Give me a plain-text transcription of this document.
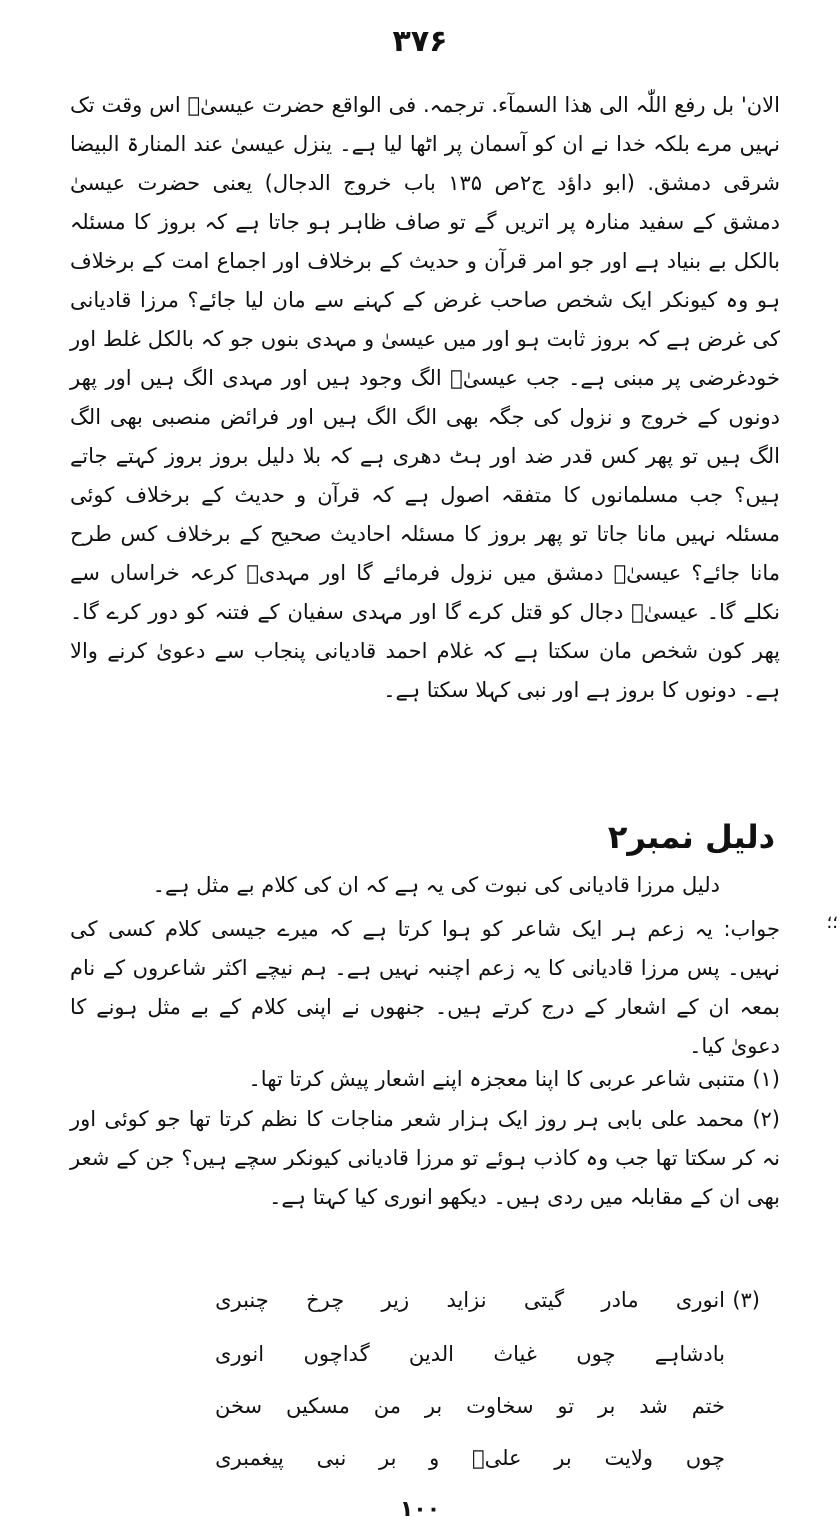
۳۷۶
الان' بل رفع اللّٰہ الی ھذا السمآء. ترجمہ. فی الواقع حضرت عیسیٰؑ اس وقت تک نہیں مرے بلکہ خدا نے ان کو آسمان پر اٹھا لیا ہے۔ ینزل عیسیٰ عند المنارۃ البیضا شرقی دمشق. (ابو داؤد ج۲ص ۱۳۵ باب خروج الدجال) یعنی حضرت عیسیٰ دمشق کے سفید منارہ پر اتریں گے تو صاف ظاہر ہو جاتا ہے کہ بروز کا مسئلہ بالکل بے بنیاد ہے اور جو امر قرآن و حدیث کے برخلاف اور اجماع امت کے برخلاف ہو وہ کیونکر ایک شخص صاحب غرض کے کہنے سے مان لیا جائے؟ مرزا قادیانی کی غرض ہے کہ بروز ثابت ہو اور میں عیسیٰ و مہدی بنوں جو کہ بالکل غلط اور خودغرضی پر مبنی ہے۔ جب عیسیٰؑ الگ وجود ہیں اور مہدی الگ ہیں اور پھر دونوں کے خروج و نزول کی جگہ بھی الگ الگ ہیں اور فرائض منصبی بھی الگ الگ ہیں تو پھر کس قدر ضد اور ہٹ دھری ہے کہ بلا دلیل بروز بروز کہتے جاتے ہیں؟ جب مسلمانوں کا متفقہ اصول ہے کہ قرآن و حدیث کے برخلاف کوئی مسئلہ نہیں مانا جاتا تو پھر بروز کا مسئلہ احادیث صحیح کے برخلاف کس طرح مانا جائے؟ عیسیٰؑ دمشق میں نزول فرمائے گا اور مہدیؑ کرعہ خراساں سے نکلے گا۔ عیسیٰؑ دجال کو قتل کرے گا اور مہدی سفیان کے فتنہ کو دور کرے گا۔ پھر کون شخص مان سکتا ہے کہ غلام احمد قادیانی پنجاب سے دعویٰ کرنے والا ہے۔ دونوں کا بروز ہے اور نبی کہلا سکتا ہے۔
دلیل نمبر۲
دلیل مرزا قادیانی کی نبوت کی یہ ہے کہ ان کی کلام بے مثل ہے۔
جواب: یہ زعم ہر ایک شاعر کو ہوا کرتا ہے کہ میرے جیسی کلام کسی کی نہیں۔ پس مرزا قادیانی کا یہ زعم اچنبہ نہیں ہے۔ ہم نیچے اکثر شاعروں کے نام بمعہ ان کے اشعار کے درج کرتے ہیں۔ جنھوں نے اپنی کلام کے بے مثل ہونے کا دعویٰ کیا۔
(۱) متنبی شاعر عربی کا اپنا معجزہ اپنے اشعار پیش کرتا تھا۔
(۲) محمد علی بابی ہر روز ایک ہزار شعر مناجات کا نظم کرتا تھا جو کوئی اور نہ کر سکتا تھا جب وہ کاذب ہوئے تو مرزا قادیانی کیونکر سچے ہیں؟ جن کے شعر بھی ان کے مقابلہ میں ردی ہیں۔ دیکھو انوری کیا کہتا ہے۔
(۳)
انوری
مادر
گیتی
نزاید
زیر
چرخ
چنبری
بادشاہے
چوں
غیاث
الدین
گداچوں
انوری
ختم
شد
بر
تو
سخاوت
بر
من
مسکیں
سخن
چوں
ولایت
بر
علیؑ
و
بر
نبی
پیغمبری
؛؛
۱۰۰
